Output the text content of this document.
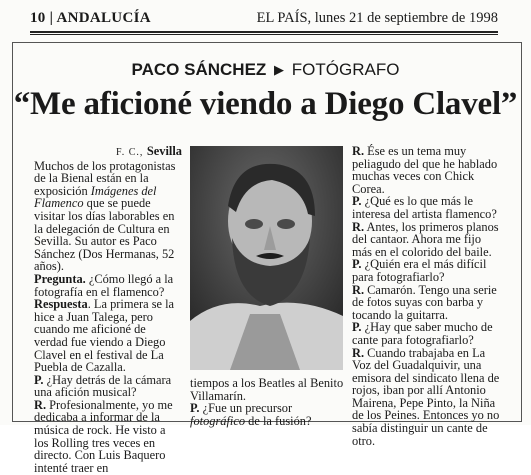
10 | ANDALUCÍA	EL PAÍS, lunes 21 de septiembre de 1998
PACO SÁNCHEZ ▶ FOTÓGRAFO
“Me aficioné viendo a Diego Clavel”

F. C., Sevilla

Muchos de los protagonistas de la Bienal están en la exposición Imágenes del Flamenco que se puede visitar los días laborables en la delegación de Cultura en Sevilla. Su autor es Paco Sánchez (Dos Hermanas, 52 años).

Pregunta. ¿Cómo llegó a la fotografía en el flamenco?

Respuesta. La primera se la hice a Juan Talega, pero cuando me aficioné de verdad fue viendo a Diego Clavel en el festival de La Puebla de Cazalla.

P. ¿Hay detrás de la cámara una afición musical?

R. Profesionalmente, yo me dedicaba a informar de la música de rock. He visto a los Rolling tres veces en directo. Con Luis Baquero intenté traer en

tiempos a los Beatles al Benito Villamarín.

P. ¿Fue un precursor fotográfico de la fusión?

R. Ése es un tema muy peliagudo del que he hablado muchas veces con Chick Corea.

P. ¿Qué es lo que más le interesa del artista flamenco?

R. Antes, los primeros planos del cantaor. Ahora me fijo más en el colorido del baile.

P. ¿Quién era el más difícil para fotografiarlo?

R. Camarón. Tengo una serie de fotos suyas con barba y tocando la guitarra.

P. ¿Hay que saber mucho de cante para fotografiarlo?

R. Cuando trabajaba en La Voz del Guadalquivir, una emisora del sindicato llena de rojos, iban por allí Antonio Mairena, Pepe Pinto, la Niña de los Peines. Entonces yo no sabía distinguir un cante de otro.
